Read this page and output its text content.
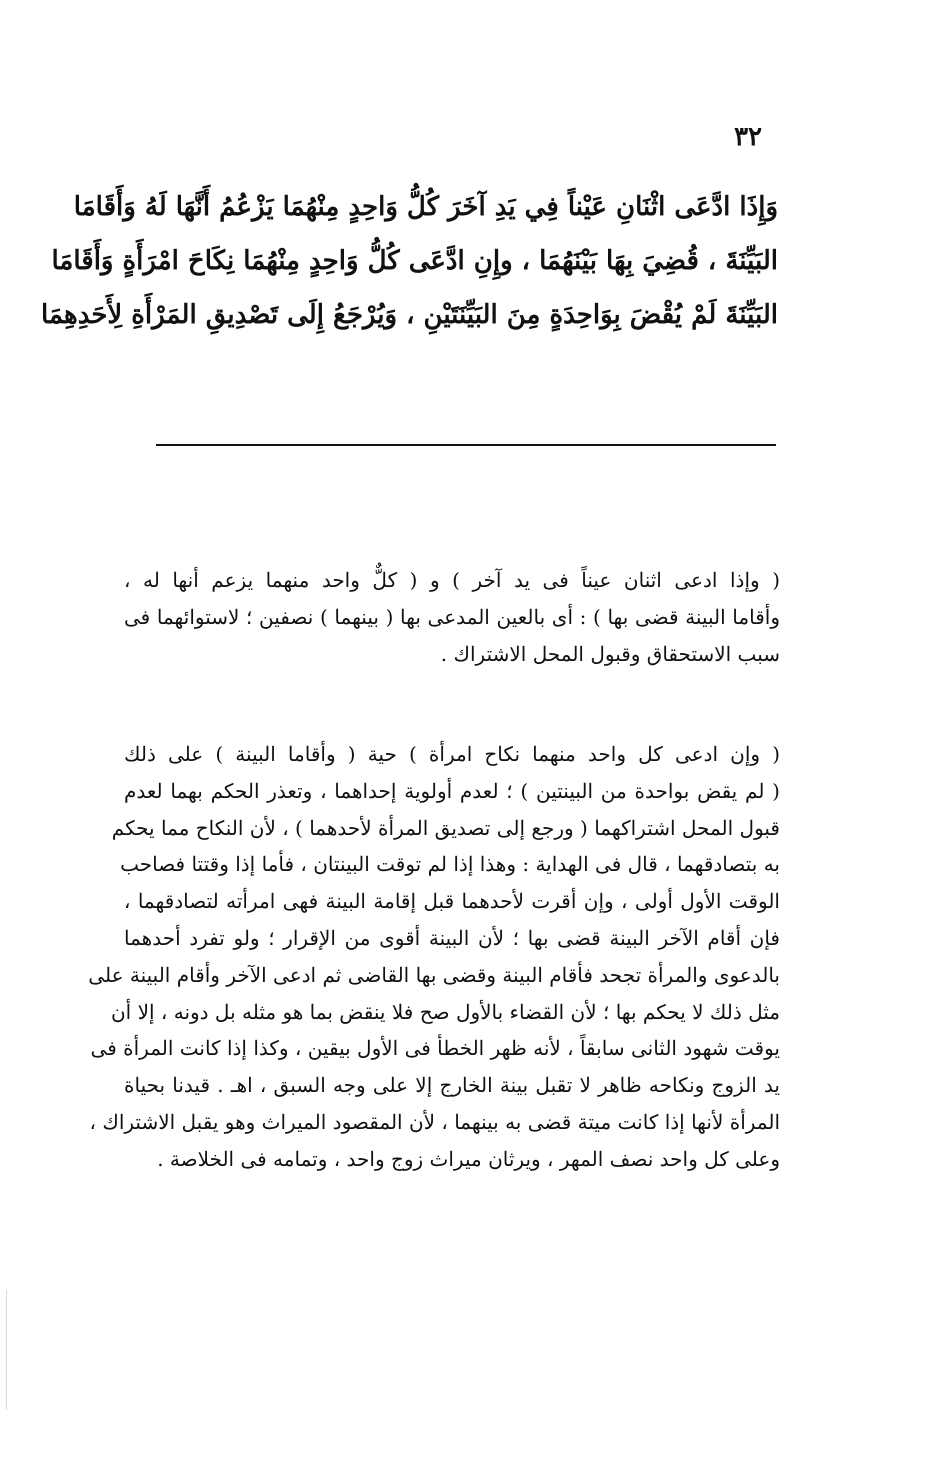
٣٢
وَإِذَا ادَّعَى اثْنَانِ عَيْناً فِي يَدِ آخَرَ كُلُّ وَاحِدٍ مِنْهُمَا يَزْعُمُ أَنَّهَا لَهُ وَأَقَامَا
البَيِّنَةَ ، قُضِيَ بِهَا بَيْنَهُمَا ، وإِنِ ادَّعَى كُلُّ وَاحِدٍ مِنْهُمَا نِكَاحَ امْرَأَةٍ وَأَقَامَا
البَيِّنَةَ لَمْ يُقْضَ بِوَاحِدَةٍ مِنَ البَيِّنَتَيْنِ ، وَيُرْجَعُ إِلَى تَصْدِيقِ المَرْأَةِ لِأَحَدِهِمَا
( وإذا ادعى اثنان عيناً فى يد آخر ) و ( كلٌّ واحد منهما يزعم أنها له ،
وأقاما البينة قضى بها ) : أى بالعين المدعى بها ( بينهما ) نصفين ؛ لاستوائهما فى
سبب الاستحقاق وقبول المحل الاشتراك .
( وإن ادعى كل واحد منهما نكاح امرأة ) حية ( وأقاما البينة ) على ذلك
( لم يقض بواحدة من البينتين ) ؛ لعدم أولوية إحداهما ، وتعذر الحكم بهما لعدم
قبول المحل اشتراكهما ( ورجع إلى تصديق المرأة لأحدهما ) ، لأن النكاح مما يحكم
به بتصادقهما ، قال فى الهداية : وهذا إذا لم توقت البينتان ، فأما إذا وقتتا فصاحب
الوقت الأول أولى ، وإن أقرت لأحدهما قبل إقامة البينة فهى امرأته لتصادقهما ،
فإن أقام الآخر البينة قضى بها ؛ لأن البينة أقوى من الإقرار ؛ ولو تفرد أحدهما
بالدعوى والمرأة تجحد فأقام البينة وقضى بها القاضى ثم ادعى الآخر وأقام البينة على
مثل ذلك لا يحكم بها ؛ لأن القضاء بالأول صح فلا ينقض بما هو مثله بل دونه ، إلا أن
يوقت شهود الثانى سابقاً ، لأنه ظهر الخطأ فى الأول بيقين ، وكذا إذا كانت المرأة فى
يد الزوج ونكاحه ظاهر لا تقبل بينة الخارج إلا على وجه السبق ، اهـ . قيدنا بحياة
المرأة لأنها إذا كانت ميتة قضى به بينهما ، لأن المقصود الميراث وهو يقبل الاشتراك ،
وعلى كل واحد نصف المهر ، ويرثان ميراث زوج واحد ، وتمامه فى الخلاصة .
